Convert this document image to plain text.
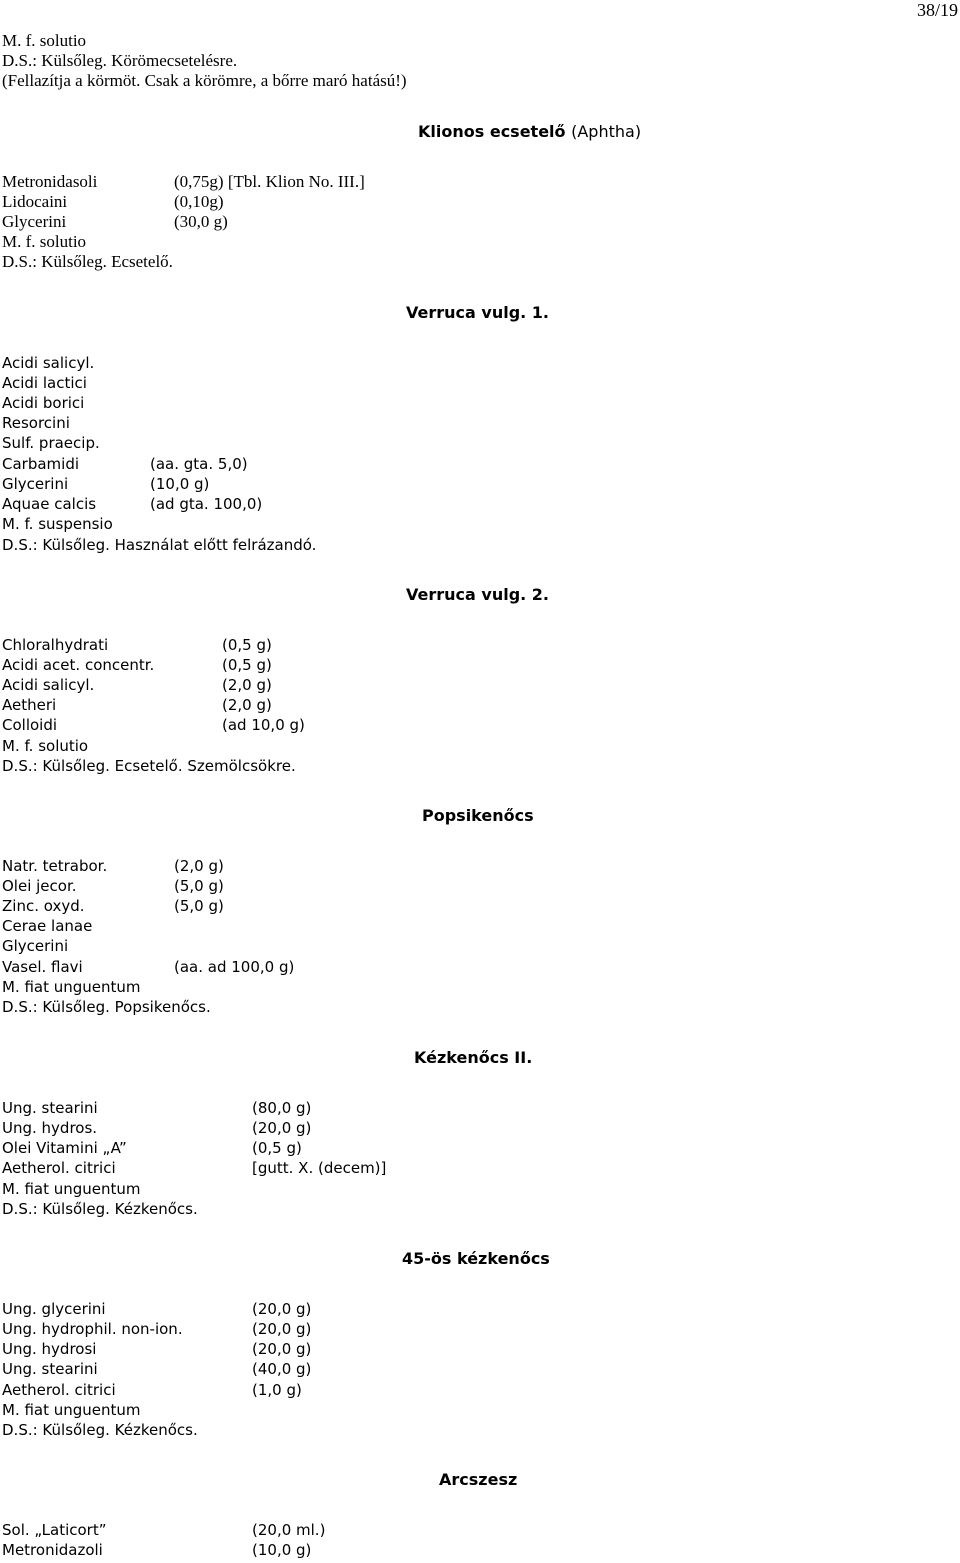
38/19
M. f. solutio
D.S.: Külsőleg. Körömecsetelésre.
(Fellazítja a körmöt. Csak a körömre, a bőrre maró hatású!)
Klionos ecsetelő (Aphtha)
Metronidasoli	(0,75g) [Tbl. Klion No. III.]
Lidocaini	(0,10g)
Glycerini	(30,0 g)
M. f. solutio
D.S.: Külsőleg. Ecsetelő.
Verruca vulg. 1.
Acidi salicyl.
Acidi lactici
Acidi borici
Resorcini
Sulf. praecip.
Carbamidi	(aa. gta. 5,0)
Glycerini	(10,0 g)
Aquae calcis	(ad gta. 100,0)
M. f. suspensio
D.S.: Külsőleg. Használat előtt felrázandó.
Verruca vulg. 2.
Chloralhydrati	(0,5 g)
Acidi acet. concentr.	(0,5 g)
Acidi salicyl.	(2,0 g)
Aetheri	(2,0 g)
Colloidi	(ad 10,0 g)
M. f. solutio
D.S.: Külsőleg. Ecsetelő. Szemölcsökre.
Popsikenőcs
Natr. tetrabor.	(2,0 g)
Olei jecor.	(5,0 g)
Zinc. oxyd.	(5,0 g)
Cerae lanae
Glycerini
Vasel. flavi	(aa. ad 100,0 g)
M. fiat unguentum
D.S.: Külsőleg. Popsikenőcs.
Kézkenőcs II.
Ung. stearini	(80,0 g)
Ung. hydros.	(20,0 g)
Olei Vitamini „A”	(0,5 g)
Aetherol. citrici	[gutt. X. (decem)]
M. fiat unguentum
D.S.: Külsőleg. Kézkenőcs.
45-ös kézkenőcs
Ung. glycerini	(20,0 g)
Ung. hydrophil. non-ion.	(20,0 g)
Ung. hydrosi	(20,0 g)
Ung. stearini	(40,0 g)
Aetherol. citrici	(1,0 g)
M. fiat unguentum
D.S.: Külsőleg. Kézkenőcs.
Arcszesz
Sol. „Laticort”	(20,0 ml.)
Metronidazoli	(10,0 g)
